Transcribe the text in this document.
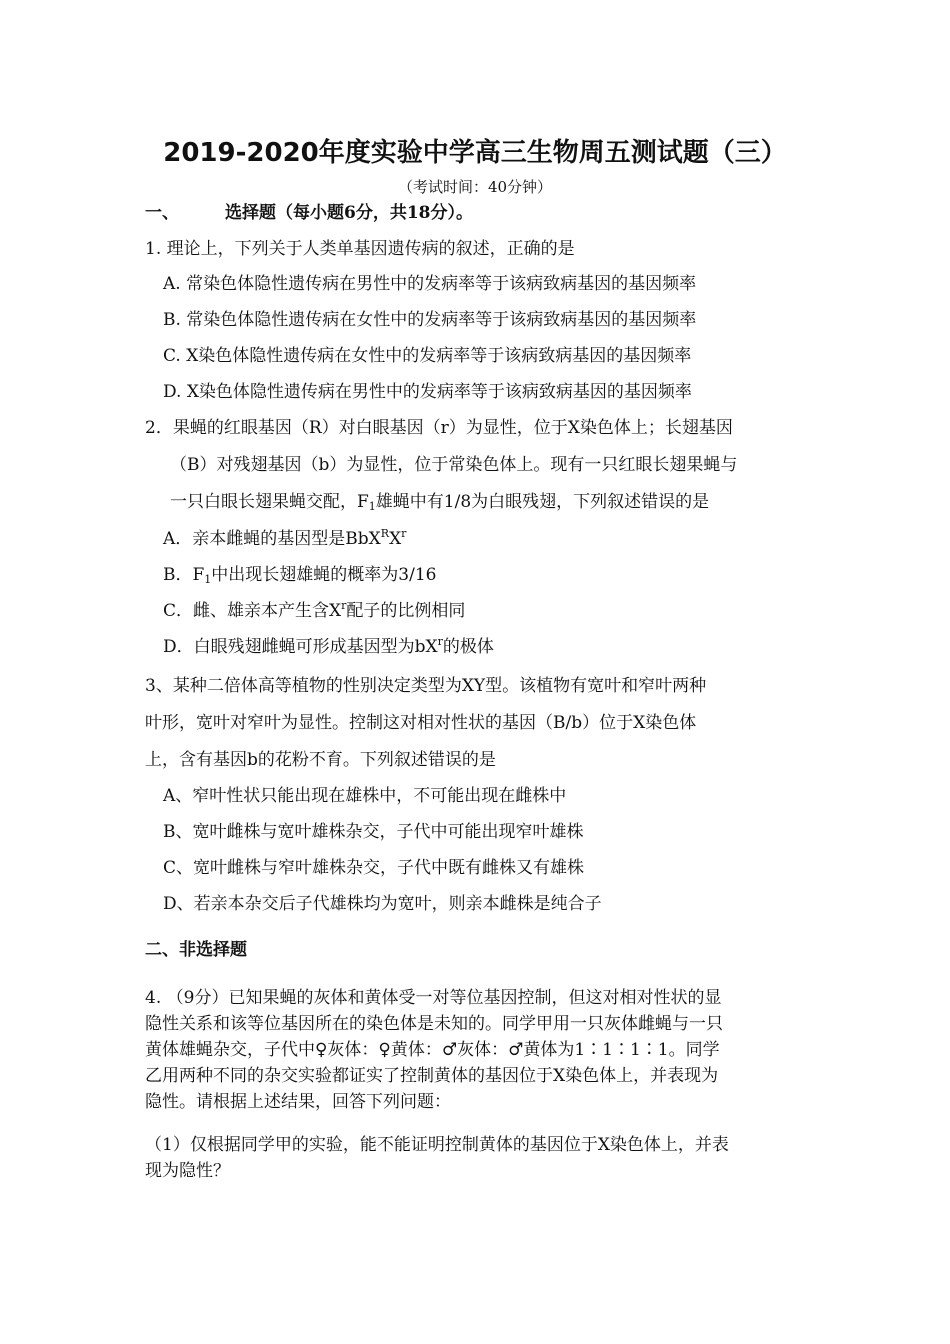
2019-2020年度实验中学高三生物周五测试题（三）
（考试时间：40分钟）
一、	选择题（每小题6分，共18分）。
1. 理论上，下列关于人类单基因遗传病的叙述，正确的是
A. 常染色体隐性遗传病在男性中的发病率等于该病致病基因的基因频率
B. 常染色体隐性遗传病在女性中的发病率等于该病致病基因的基因频率
C. X染色体隐性遗传病在女性中的发病率等于该病致病基因的基因频率
D. X染色体隐性遗传病在男性中的发病率等于该病致病基因的基因频率
2．果蝇的红眼基因（R）对白眼基因（r）为显性，位于X染色体上；长翅基因
（B）对残翅基因（b）为显性，位于常染色体上。现有一只红眼长翅果蝇与
一只白眼长翅果蝇交配，$F_1$雄蝇中有1/8为白眼残翅，下列叙述错误的是
A．亲本雌蝇的基因型是$BbX^RX^r$
B．$F_1$中出现长翅雄蝇的概率为3/16
C．雌、雄亲本产生含$X^r$配子的比例相同
D．白眼残翅雌蝇可形成基因型为$bX^r$的极体
3、某种二倍体高等植物的性别决定类型为XY型。该植物有宽叶和窄叶两种
叶形，宽叶对窄叶为显性。控制这对相对性状的基因（B/b）位于X染色体
上，含有基因b的花粉不育。下列叙述错误的是
A、窄叶性状只能出现在雄株中，不可能出现在雌株中
B、宽叶雌株与宽叶雄株杂交，子代中可能出现窄叶雄株
C、宽叶雌株与窄叶雄株杂交，子代中既有雌株又有雄株
D、若亲本杂交后子代雄株均为宽叶，则亲本雌株是纯合子
二、非选择题
4. （9分）已知果蝇的灰体和黄体受一对等位基因控制，但这对相对性状的显
隐性关系和该等位基因所在的染色体是未知的。同学甲用一只灰体雌蝇与一只
黄体雄蝇杂交，子代中♀灰体：♀黄体：♂灰体：♂黄体为1∶1∶1∶1。同学
乙用两种不同的杂交实验都证实了控制黄体的基因位于X染色体上，并表现为
隐性。请根据上述结果，回答下列问题：
（1）仅根据同学甲的实验，能不能证明控制黄体的基因位于X染色体上，并表
现为隐性？
